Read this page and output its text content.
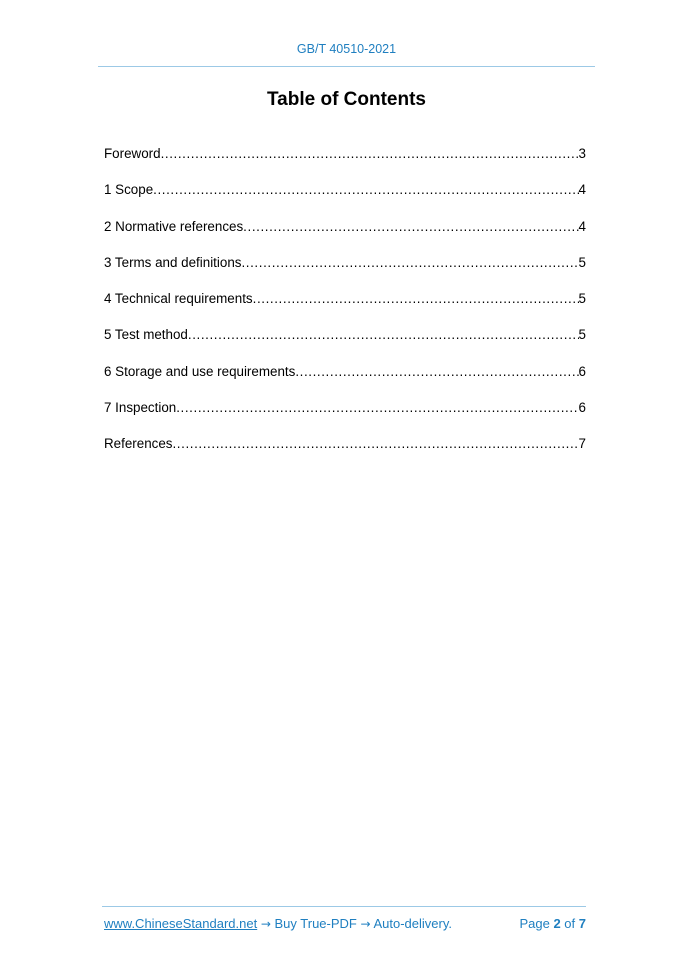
GB/T 40510-2021
Table of Contents
Foreword .....	3
1 Scope .....	4
2 Normative references .....	4
3 Terms and definitions .....	5
4 Technical requirements .....	5
5 Test method .....	5
6 Storage and use requirements .....	6
7 Inspection .....	6
References .....	7
www.ChineseStandard.net → Buy True-PDF → Auto-delivery.	Page 2 of 7
